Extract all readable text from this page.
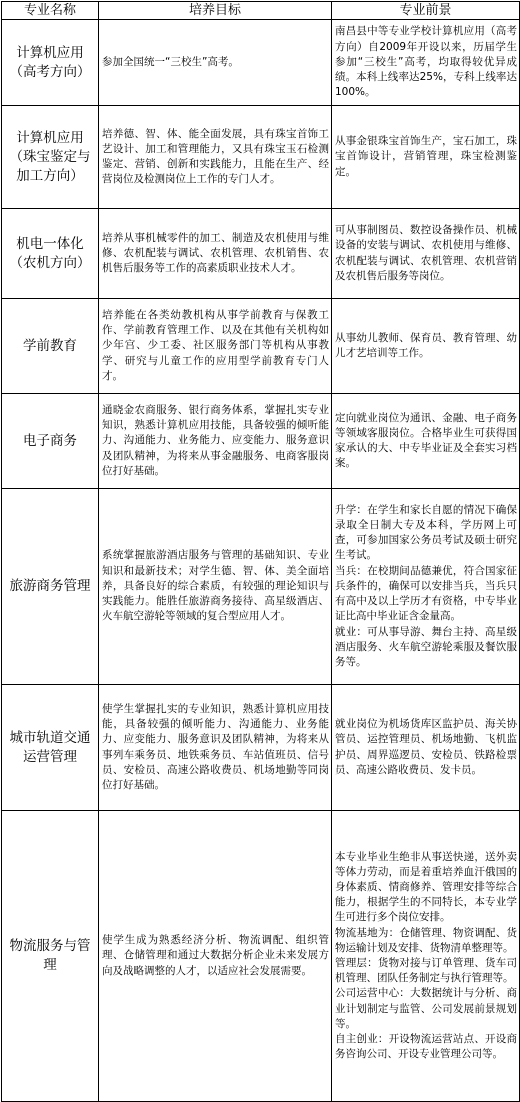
专业名称	培养目标	专业前景
计算机应用
（高考方向）	参加全国统一“三校生”高考。	南昌县中等专业学校计算机应用（高考方向）自2009年开设以来，历届学生参加“三校生”高考，均取得较优异成绩。本科上线率达25%，专科上线率达100%。

计算机应用
（珠宝鉴定与
加工方向）	培养德、智、体、能全面发展，具有珠宝首饰工艺设计、加工和管理能力，又具有珠宝玉石检测鉴定、营销、创新和实践能力，且能在生产、经营岗位及检测岗位上工作的专门人才。	从事金银珠宝首饰生产，宝石加工，珠宝首饰设计，营销管理，珠宝检测鉴定。

机电一体化
（农机方向）	培养从事机械零件的加工、制造及农机使用与维修、农机配装与调试、农机管理、农机销售、农机售后服务等工作的高素质职业技术人才。	可从事制图员、数控设备操作员、机械设备的安装与调试、农机使用与维修、农机配装与调试、农机管理、农机营销及农机售后服务等岗位。

学前教育	培养能在各类幼教机构从事学前教育与保教工作、学前教育管理工作、以及在其他有关机构如少年宫、少工委、社区服务部门等机构从事教学、研究与儿童工作的应用型学前教育专门人才。	从事幼儿教师、保育员、教育管理、幼儿才艺培训等工作。

电子商务	通晓金农商服务、银行商务体系，掌握扎实专业知识，熟悉计算机应用技能，具备较强的倾听能力、沟通能力、业务能力、应变能力、服务意识及团队精神，为将来从事金融服务、电商客服岗位打好基础。	定向就业岗位为通讯、金融、电子商务等领域客服岗位。合格毕业生可获得国家承认的大、中专毕业证及全套实习档案。

旅游商务管理	系统掌握旅游酒店服务与管理的基础知识、专业知识和最新技术；对学生德、智、体、美全面培养，具备良好的综合素质，有较强的理论知识与实践能力。能胜任旅游商务接待、高星级酒店、火车航空游轮等领域的复合型应用人才。	升学：在学生和家长自愿的情况下确保录取全日制大专及本科，学历网上可查，可参加国家公务员考试及硕士研究生考试。
当兵：在校期间品德兼优，符合国家征兵条件的，确保可以安排当兵，当兵只有高中及以上学历才有资格，中专毕业证比高中毕业证含金量高。
就业：可从事导游、舞台主持、高星级酒店服务、火车航空游轮乘服及餐饮服务等。

城市轨道交通
运营管理	使学生掌握扎实的专业知识，熟悉计算机应用技能，具备较强的倾听能力、沟通能力、业务能力、应变能力、服务意识及团队精神，为将来从事列车乘务员、地铁乘务员、车站值班员、信号员、安检员、高速公路收费员、机场地勤等同岗位打好基础。	就业岗位为机场货库区监护员、海关协管员、运控管理员、机场地勤、飞机监护员、周界巡逻员、安检员、铁路检票员、高速公路收费员、发卡员。

物流服务与管理	使学生成为熟悉经济分析、物流调配、组织管理、仓储管理和通过大数据分析企业未来发展方向及战略调整的人才，以适应社会发展需要。	本专业毕业生绝非从事送快递，送外卖等体力劳动，而是着重培养血汗俄国的身体素质、情商修养、管理安排等综合能力，根据学生的不同特长，本专业学生可进行多个岗位安排。
物流基地为：仓储管理、物资调配、货物运输计划及安排、货物清单整理等。
管理层：货物对接与订单管理、货车司机管理、团队任务制定与执行管理等。
公司运营中心：大数据统计与分析、商业计划制定与监管、公司发展前景规划等。
自主创业：开设物流运营站点、开设商务咨询公司、开设专业管理公司等。
